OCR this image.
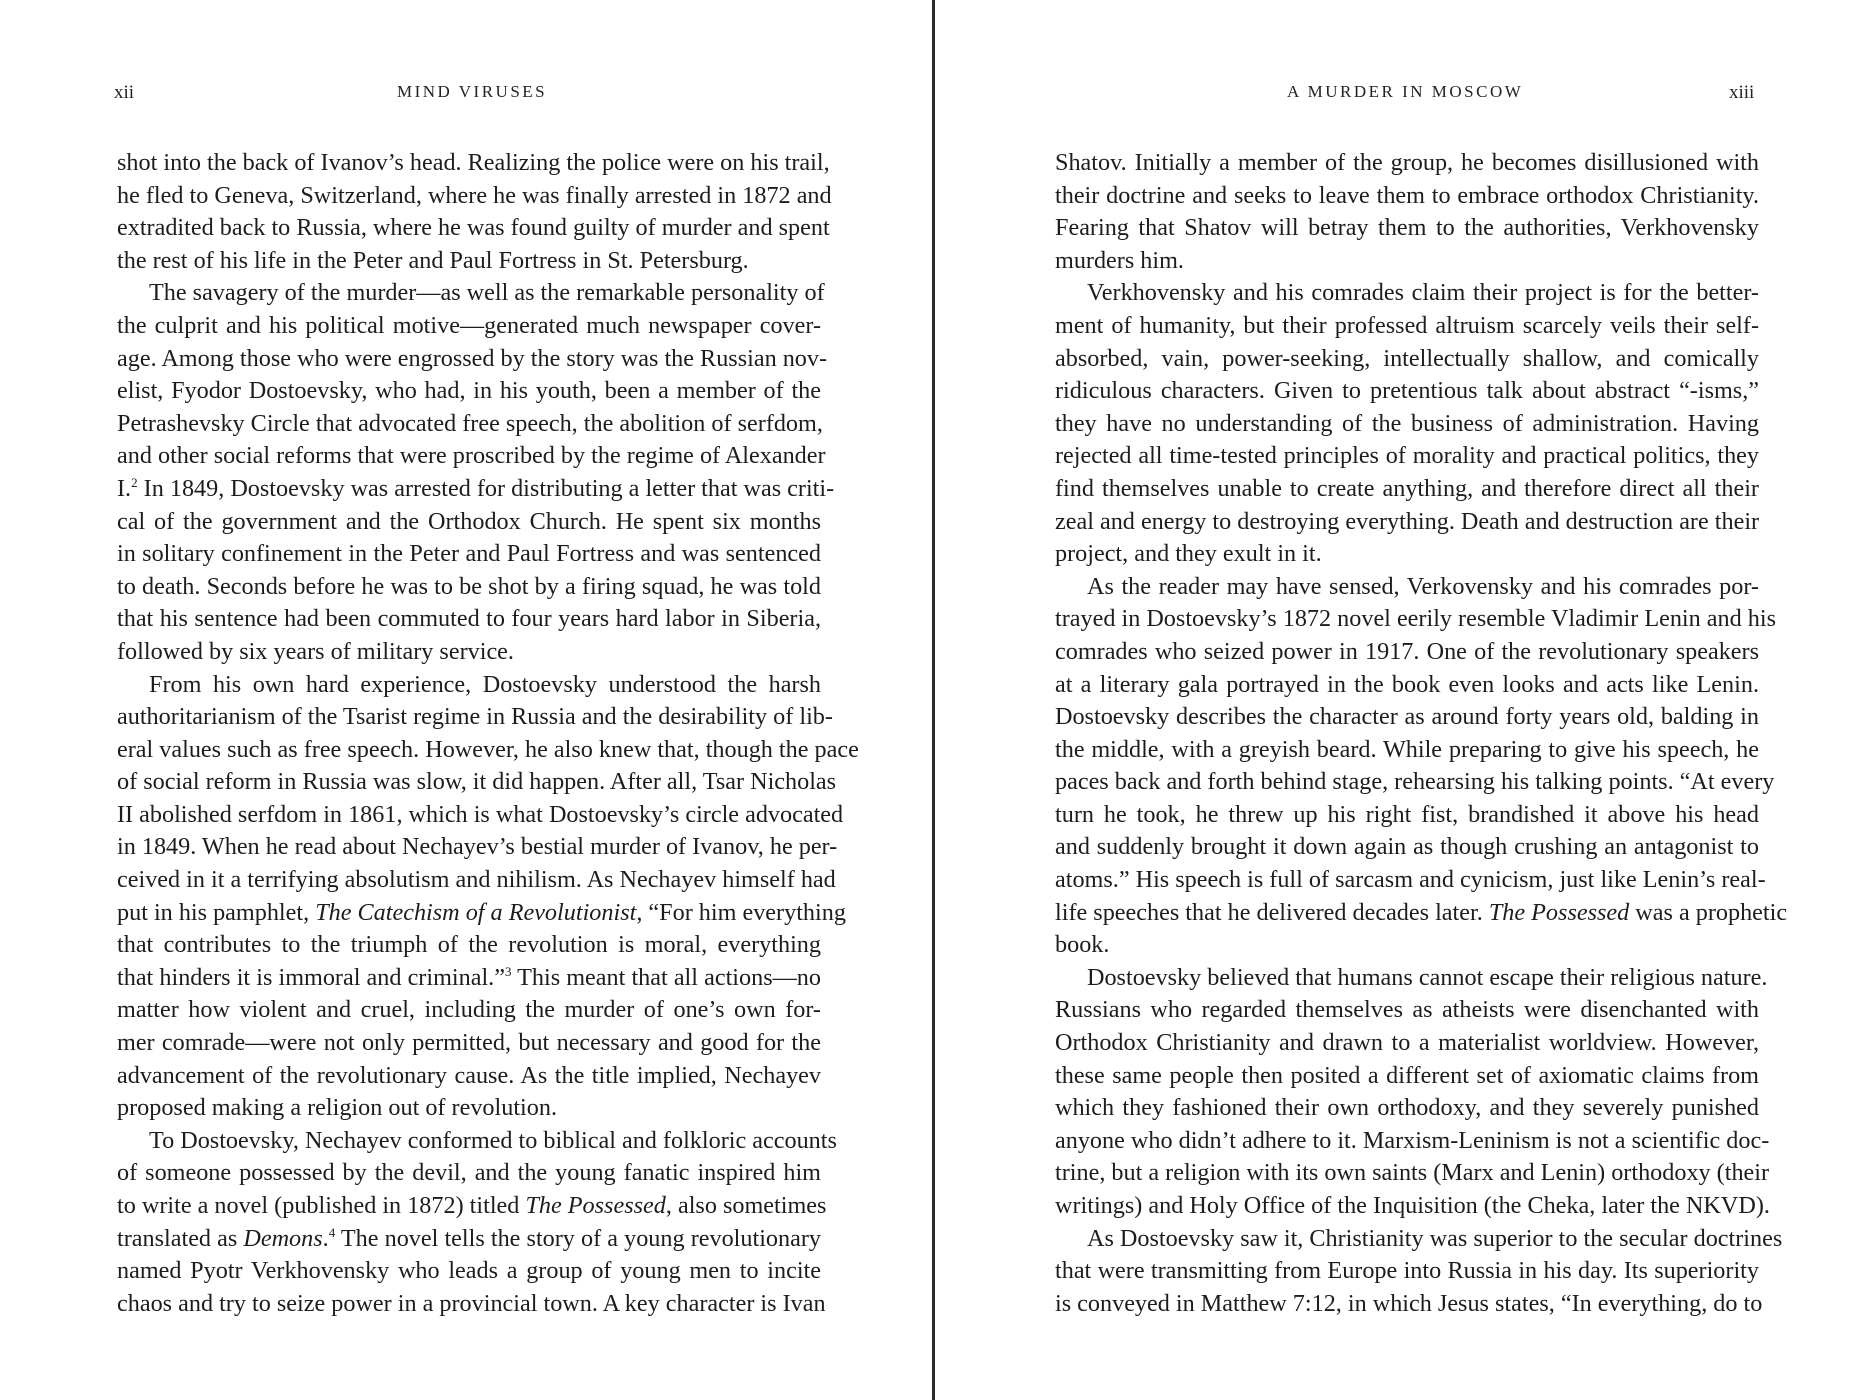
xii	MIND VIRUSES
shot into the back of Ivanov’s head. Realizing the police were on his trail,
he fled to Geneva, Switzerland, where he was finally arrested in 1872 and
extradited back to Russia, where he was found guilty of murder and spent
the rest of his life in the Peter and Paul Fortress in St. Petersburg.
The savagery of the murder—as well as the remarkable personality of
the culprit and his political motive—generated much newspaper cover-
age. Among those who were engrossed by the story was the Russian nov-
elist, Fyodor Dostoevsky, who had, in his youth, been a member of the
Petrashevsky Circle that advocated free speech, the abolition of serfdom,
and other social reforms that were proscribed by the regime of Alexander
I.$^2$ In 1849, Dostoevsky was arrested for distributing a letter that was criti-
cal of the government and the Orthodox Church. He spent six months
in solitary confinement in the Peter and Paul Fortress and was sentenced
to death. Seconds before he was to be shot by a firing squad, he was told
that his sentence had been commuted to four years hard labor in Siberia,
followed by six years of military service.
From his own hard experience, Dostoevsky understood the harsh
authoritarianism of the Tsarist regime in Russia and the desirability of lib-
eral values such as free speech. However, he also knew that, though the pace
of social reform in Russia was slow, it did happen. After all, Tsar Nicholas
II abolished serfdom in 1861, which is what Dostoevsky’s circle advocated
in 1849. When he read about Nechayev’s bestial murder of Ivanov, he per-
ceived in it a terrifying absolutism and nihilism. As Nechayev himself had
put in his pamphlet, The Catechism of a Revolutionist, “For him everything
that contributes to the triumph of the revolution is moral, everything
that hinders it is immoral and criminal.”$^3$ This meant that all actions—no
matter how violent and cruel, including the murder of one’s own for-
mer comrade—were not only permitted, but necessary and good for the
advancement of the revolutionary cause. As the title implied, Nechayev
proposed making a religion out of revolution.
To Dostoevsky, Nechayev conformed to biblical and folkloric accounts
of someone possessed by the devil, and the young fanatic inspired him
to write a novel (published in 1872) titled The Possessed, also sometimes
translated as Demons.$^4$ The novel tells the story of a young revolutionary
named Pyotr Verkhovensky who leads a group of young men to incite
chaos and try to seize power in a provincial town. A key character is Ivan
A MURDER IN MOSCOW	xiii
Shatov. Initially a member of the group, he becomes disillusioned with
their doctrine and seeks to leave them to embrace orthodox Christianity.
Fearing that Shatov will betray them to the authorities, Verkhovensky
murders him.
Verkhovensky and his comrades claim their project is for the better-
ment of humanity, but their professed altruism scarcely veils their self-
absorbed, vain, power-seeking, intellectually shallow, and comically
ridiculous characters. Given to pretentious talk about abstract “-isms,”
they have no understanding of the business of administration. Having
rejected all time-tested principles of morality and practical politics, they
find themselves unable to create anything, and therefore direct all their
zeal and energy to destroying everything. Death and destruction are their
project, and they exult in it.
As the reader may have sensed, Verkovensky and his comrades por-
trayed in Dostoevsky’s 1872 novel eerily resemble Vladimir Lenin and his
comrades who seized power in 1917. One of the revolutionary speakers
at a literary gala portrayed in the book even looks and acts like Lenin.
Dostoevsky describes the character as around forty years old, balding in
the middle, with a greyish beard. While preparing to give his speech, he
paces back and forth behind stage, rehearsing his talking points. “At every
turn he took, he threw up his right fist, brandished it above his head
and suddenly brought it down again as though crushing an antagonist to
atoms.” His speech is full of sarcasm and cynicism, just like Lenin’s real-
life speeches that he delivered decades later. The Possessed was a prophetic
book.
Dostoevsky believed that humans cannot escape their religious nature.
Russians who regarded themselves as atheists were disenchanted with
Orthodox Christianity and drawn to a materialist worldview. However,
these same people then posited a different set of axiomatic claims from
which they fashioned their own orthodoxy, and they severely punished
anyone who didn’t adhere to it. Marxism-Leninism is not a scientific doc-
trine, but a religion with its own saints (Marx and Lenin) orthodoxy (their
writings) and Holy Office of the Inquisition (the Cheka, later the NKVD).
As Dostoevsky saw it, Christianity was superior to the secular doctrines
that were transmitting from Europe into Russia in his day. Its superiority
is conveyed in Matthew 7:12, in which Jesus states, “In everything, do to
